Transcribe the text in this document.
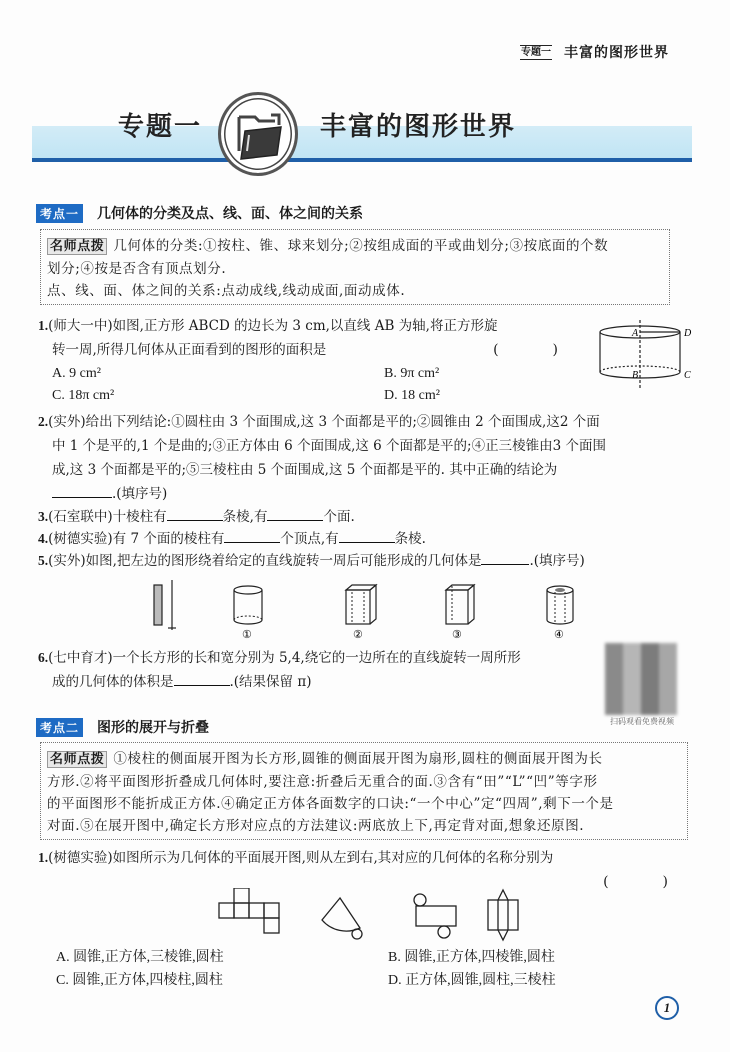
专题一 丰富的图形世界
专题一	丰富的图形世界
考点一 几何体的分类及点、线、面、体之间的关系
名师点拨 几何体的分类:①按柱、锥、球来划分;②按组成面的平或曲划分;③按底面的个数
划分;④按是否含有顶点划分.
点、线、面、体之间的关系:点动成线,线动成面,面动成体.
1.(师大一中)如图,正方形 ABCD 的边长为 3 cm,以直线 AB 为轴,将正方形旋
转一周,所得几何体从正面看到的图形的面积是	(　)
A. 9 cm²	B. 9π cm²
C. 18π cm²	D. 18 cm²
A	D
B	C
2.(实外)给出下列结论:①圆柱由 3 个面围成,这 3 个面都是平的;②圆锥由 2 个面围成,这2 个面
中 1 个是平的,1 个是曲的;③正方体由 6 个面围成,这 6 个面都是平的;④正三棱锥由3 个面围
成,这 3 个面都是平的;⑤三棱柱由 5 个面围成,这 5 个面都是平的. 其中正确的结论为
.(填序号)
3.(石室联中)十棱柱有	条棱,有	个面.
4.(树德实验)有 7 个面的棱柱有	个顶点,有	条棱.
5.(实外)如图,把左边的图形绕着给定的直线旋转一周后可能形成的几何体是	.(填序号)
①	②	③	④
6.(七中育才)一个长方形的长和宽分别为 5,4,绕它的一边所在的直线旋转一周所形
成的几何体的体积是	.(结果保留 π)
扫码观看免费视频
考点二 图形的展开与折叠
名师点拨 ①棱柱的侧面展开图为长方形,圆锥的侧面展开图为扇形,圆柱的侧面展开图为长
方形.②将平面图形折叠成几何体时,要注意:折叠后无重合的面.③含有“田”“L”“凹”等字形
的平面图形不能折成正方体.④确定正方体各面数字的口诀:“一个中心”定“四周”,剩下一个是
对面.⑤在展开图中,确定长方形对应点的方法建议:两底放上下,再定背对面,想象还原图.
1.(树德实验)如图所示为几何体的平面展开图,则从左到右,其对应的几何体的名称分别为
(　)
A. 圆锥,正方体,三棱锥,圆柱	B. 圆锥,正方体,四棱锥,圆柱
C. 圆锥,正方体,四棱柱,圆柱	D. 正方体,圆锥,圆柱,三棱柱
1
